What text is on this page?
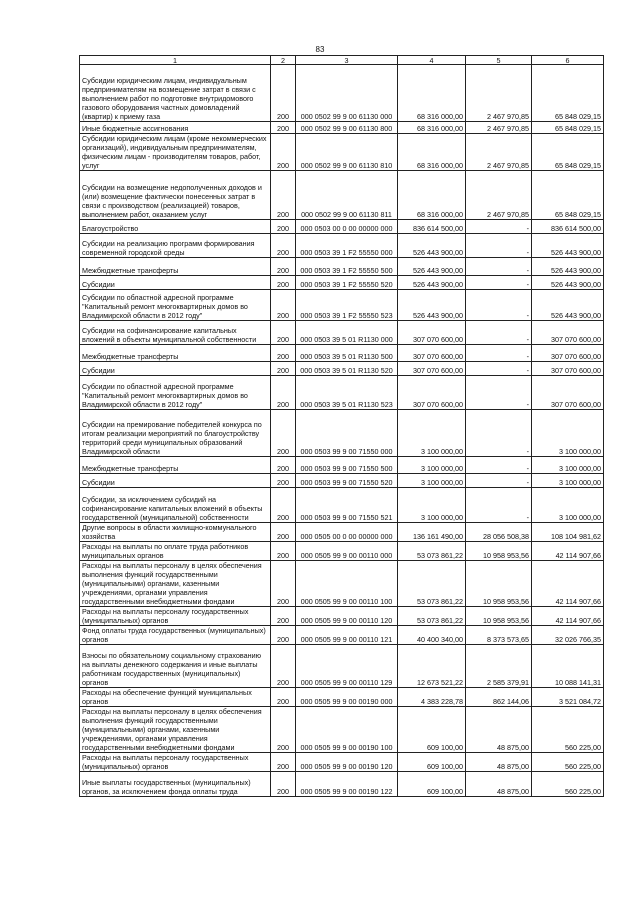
83
1	2	3	4	5	6
Субсидии юридическим лицам, индивидуальным предпринимателям на возмещение затрат в связи с выполнением работ по подготовке внутридомового газового оборудования частных домовладений (квартир) к приему газа	200	000 0502 99 9 00 61130 000	68 316 000,00	2 467 970,85	65 848 029,15
Иные бюджетные ассигнования	200	000 0502 99 9 00 61130 800	68 316 000,00	2 467 970,85	65 848 029,15
Субсидии юридическим лицам (кроме некоммерческих организаций), индивидуальным предпринимателям, физическим лицам - производителям товаров, работ, услуг	200	000 0502 99 9 00 61130 810	68 316 000,00	2 467 970,85	65 848 029,15
Субсидии на возмещение недополученных доходов и (или) возмещение фактически понесенных затрат в связи с производством (реализацией) товаров, выполнением работ, оказанием услуг	200	000 0502 99 9 00 61130 811	68 316 000,00	2 467 970,85	65 848 029,15
Благоустройство	200	000 0503 00 0 00 00000 000	836 614 500,00	-	836 614 500,00
Субсидии на реализацию программ формирования современной городской среды	200	000 0503 39 1 F2 55550 000	526 443 900,00	-	526 443 900,00
Межбюджетные трансферты	200	000 0503 39 1 F2 55550 500	526 443 900,00	-	526 443 900,00
Субсидии	200	000 0503 39 1 F2 55550 520	526 443 900,00	-	526 443 900,00
Субсидии по областной адресной программе "Капитальный ремонт многоквартирных домов во Владимирской области в 2012 году"	200	000 0503 39 1 F2 55550 523	526 443 900,00	-	526 443 900,00
Субсидии на софинансирование капитальных вложений в объекты муниципальной собственности	200	000 0503 39 5 01 R1130 000	307 070 600,00	-	307 070 600,00
Межбюджетные трансферты	200	000 0503 39 5 01 R1130 500	307 070 600,00	-	307 070 600,00
Субсидии	200	000 0503 39 5 01 R1130 520	307 070 600,00	-	307 070 600,00
Субсидии по областной адресной программе "Капитальный ремонт многоквартирных домов во Владимирской области в 2012 году"	200	000 0503 39 5 01 R1130 523	307 070 600,00	-	307 070 600,00
Субсидии на премирование победителей конкурса по итогам реализации мероприятий по благоустройству территорий среди муниципальных образований Владимирской области	200	000 0503 99 9 00 71550 000	3 100 000,00	-	3 100 000,00
Межбюджетные трансферты	200	000 0503 99 9 00 71550 500	3 100 000,00	-	3 100 000,00
Субсидии	200	000 0503 99 9 00 71550 520	3 100 000,00	-	3 100 000,00
Субсидии, за исключением субсидий на софинансирование капитальных вложений в объекты государственной (муниципальной) собственности	200	000 0503 99 9 00 71550 521	3 100 000,00	-	3 100 000,00
Другие вопросы в области жилищно-коммунального хозяйства	200	000 0505 00 0 00 00000 000	136 161 490,00	28 056 508,38	108 104 981,62
Расходы на выплаты по оплате труда работников муниципальных органов	200	000 0505 99 9 00 00110 000	53 073 861,22	10 958 953,56	42 114 907,66
Расходы на выплаты персоналу в целях обеспечения выполнения функций государственными (муниципальными) органами, казенными учреждениями, органами управления государственными внебюджетными фондами	200	000 0505 99 9 00 00110 100	53 073 861,22	10 958 953,56	42 114 907,66
Расходы на выплаты персоналу государственных (муниципальных) органов	200	000 0505 99 9 00 00110 120	53 073 861,22	10 958 953,56	42 114 907,66
Фонд оплаты труда государственных (муниципальных) органов	200	000 0505 99 9 00 00110 121	40 400 340,00	8 373 573,65	32 026 766,35
Взносы по обязательному социальному страхованию на выплаты денежного содержания и иные выплаты работникам государственных (муниципальных) органов	200	000 0505 99 9 00 00110 129	12 673 521,22	2 585 379,91	10 088 141,31
Расходы на обеспечение функций муниципальных органов	200	000 0505 99 9 00 00190 000	4 383 228,78	862 144,06	3 521 084,72
Расходы на выплаты персоналу в целях обеспечения выполнения функций государственными (муниципальными) органами, казенными учреждениями, органами управления государственными внебюджетными фондами	200	000 0505 99 9 00 00190 100	609 100,00	48 875,00	560 225,00
Расходы на выплаты персоналу государственных (муниципальных) органов	200	000 0505 99 9 00 00190 120	609 100,00	48 875,00	560 225,00
Иные выплаты государственных (муниципальных) органов, за исключением фонда оплаты труда	200	000 0505 99 9 00 00190 122	609 100,00	48 875,00	560 225,00
